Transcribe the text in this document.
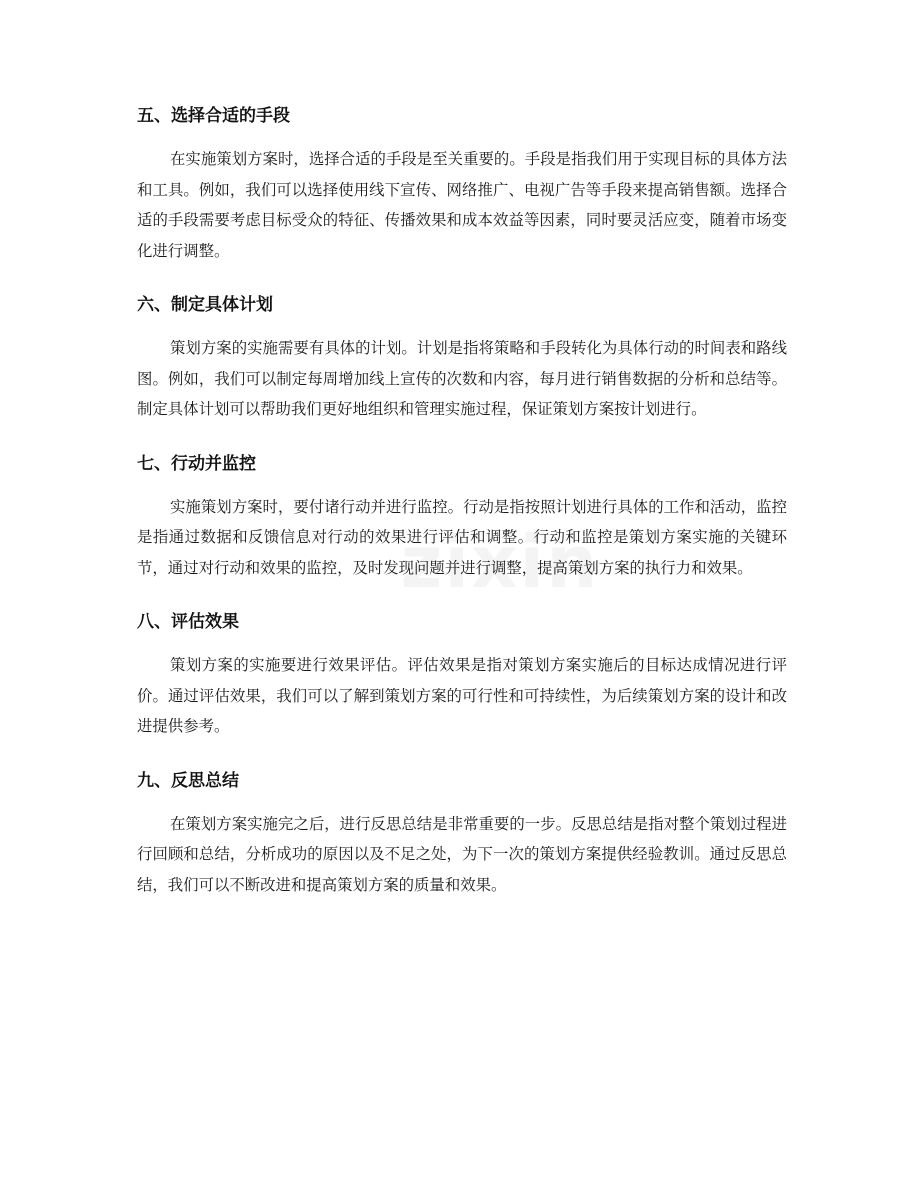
五、选择合适的手段

在实施策划方案时，选择合适的手段是至关重要的。手段是指我们用于实现目标的具体方法和工具。例如，我们可以选择使用线下宣传、网络推广、电视广告等手段来提高销售额。选择合适的手段需要考虑目标受众的特征、传播效果和成本效益等因素，同时要灵活应变，随着市场变化进行调整。

六、制定具体计划

策划方案的实施需要有具体的计划。计划是指将策略和手段转化为具体行动的时间表和路线图。例如，我们可以制定每周增加线上宣传的次数和内容，每月进行销售数据的分析和总结等。制定具体计划可以帮助我们更好地组织和管理实施过程，保证策划方案按计划进行。

七、行动并监控

实施策划方案时，要付诸行动并进行监控。行动是指按照计划进行具体的工作和活动，监控是指通过数据和反馈信息对行动的效果进行评估和调整。行动和监控是策划方案实施的关键环节，通过对行动和效果的监控，及时发现问题并进行调整，提高策划方案的执行力和效果。

八、评估效果

策划方案的实施要进行效果评估。评估效果是指对策划方案实施后的目标达成情况进行评价。通过评估效果，我们可以了解到策划方案的可行性和可持续性，为后续策划方案的设计和改进提供参考。

九、反思总结

在策划方案实施完之后，进行反思总结是非常重要的一步。反思总结是指对整个策划过程进行回顾和总结，分析成功的原因以及不足之处，为下一次的策划方案提供经验教训。通过反思总结，我们可以不断改进和提高策划方案的质量和效果。
